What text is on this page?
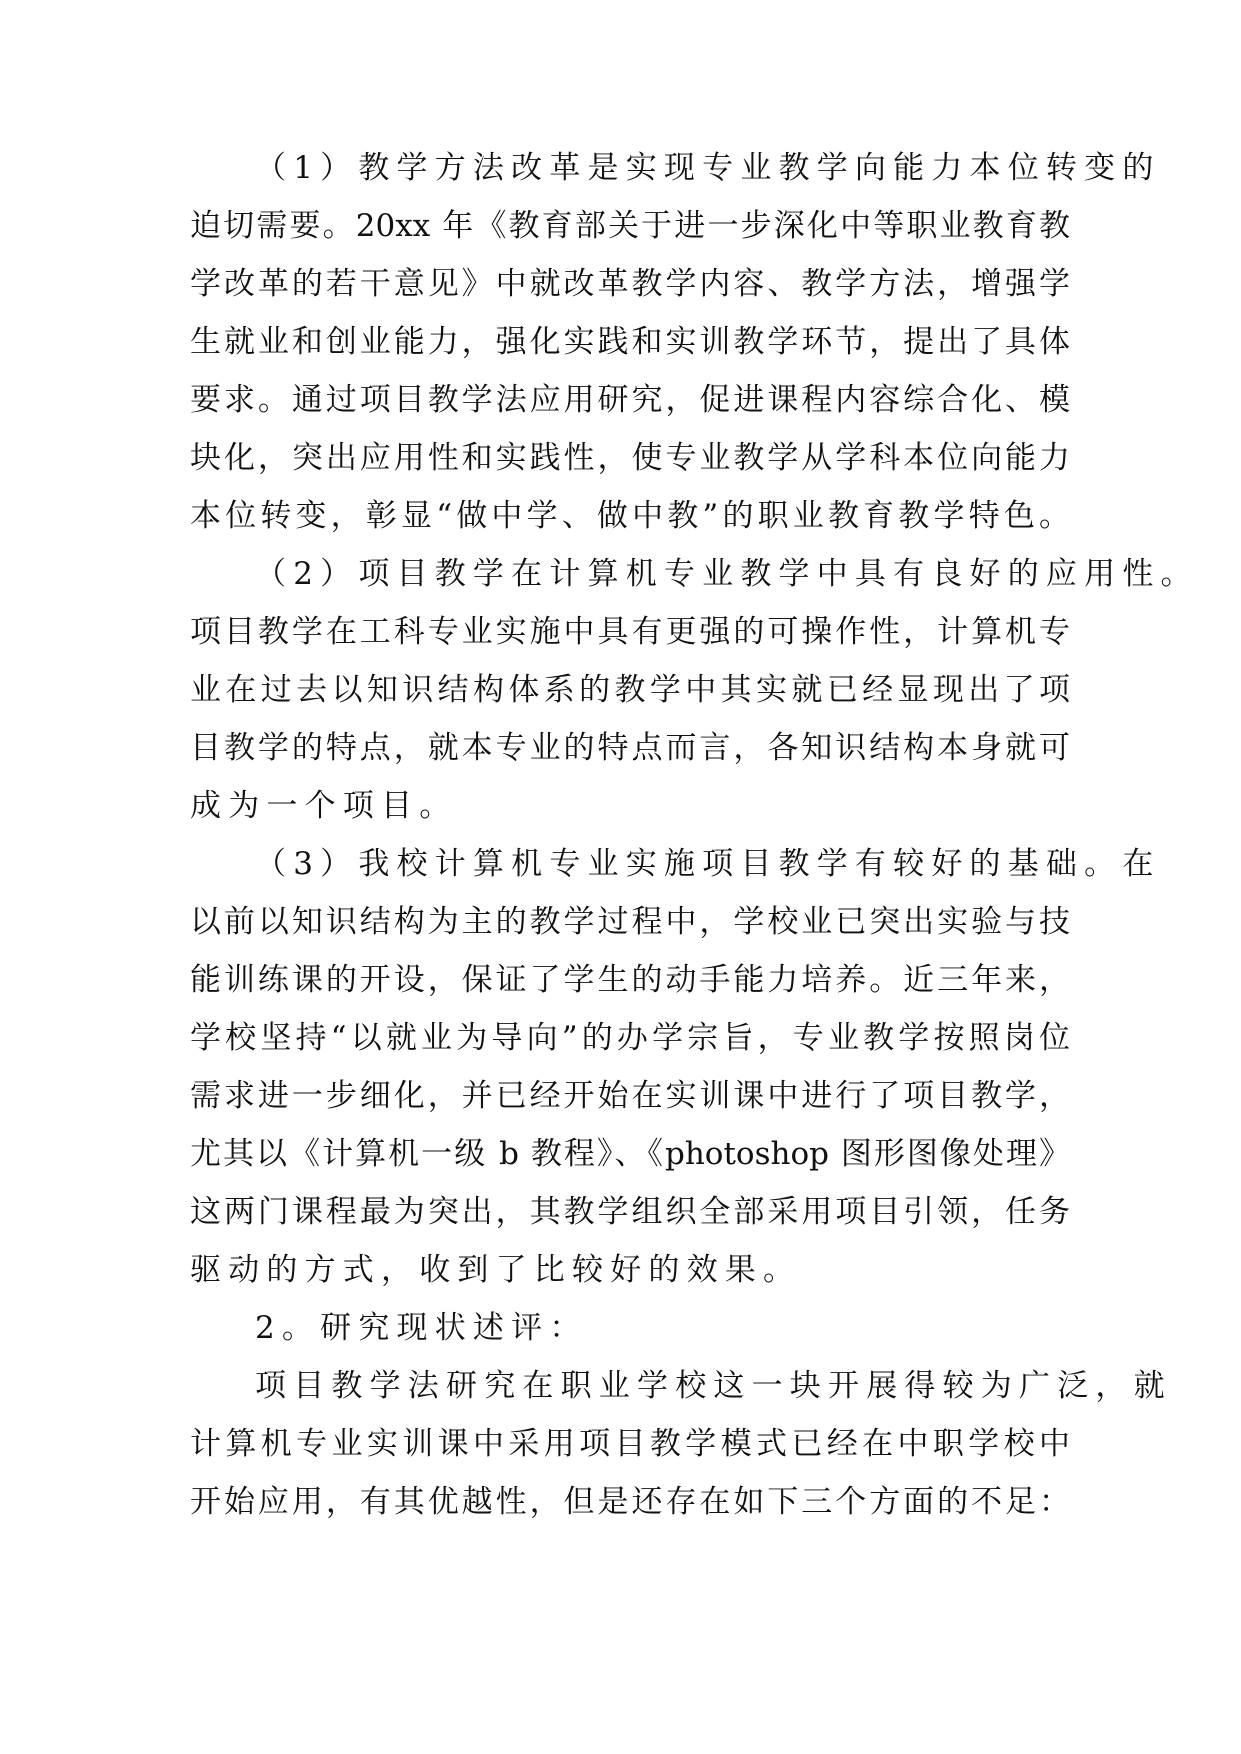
（1）教学方法改革是实现专业教学向能力本位转变的
迫切需要。20xx 年《教育部关于进一步深化中等职业教育教
学改革的若干意见》中就改革教学内容、教学方法，增强学
生就业和创业能力，强化实践和实训教学环节，提出了具体
要求。通过项目教学法应用研究，促进课程内容综合化、模
块化，突出应用性和实践性，使专业教学从学科本位向能力
本位转变，彰显“做中学、做中教”的职业教育教学特色。
（2）项目教学在计算机专业教学中具有良好的应用性。
项目教学在工科专业实施中具有更强的可操作性，计算机专
业在过去以知识结构体系的教学中其实就已经显现出了项
目教学的特点，就本专业的特点而言，各知识结构本身就可
成为一个项目。
（3）我校计算机专业实施项目教学有较好的基础。在
以前以知识结构为主的教学过程中，学校业已突出实验与技
能训练课的开设，保证了学生的动手能力培养。近三年来，
学校坚持“以就业为导向”的办学宗旨，专业教学按照岗位
需求进一步细化，并已经开始在实训课中进行了项目教学，
尤其以《计算机一级 b 教程》、《photoshop 图形图像处理》
这两门课程最为突出，其教学组织全部采用项目引领，任务
驱动的方式，收到了比较好的效果。
2。研究现状述评：
项目教学法研究在职业学校这一块开展得较为广泛，就
计算机专业实训课中采用项目教学模式已经在中职学校中
开始应用，有其优越性，但是还存在如下三个方面的不足：
